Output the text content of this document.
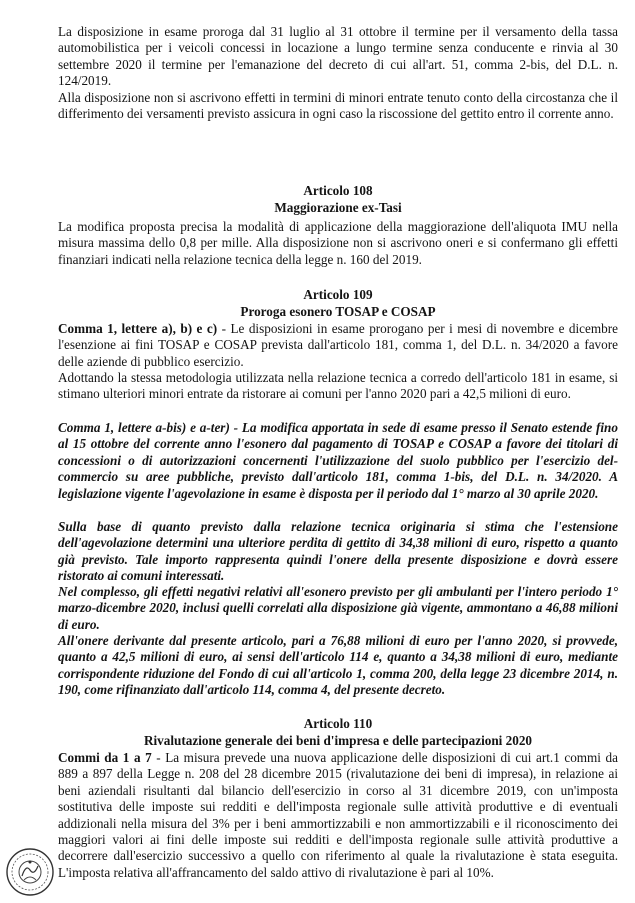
La disposizione in esame proroga dal 31 luglio al 31 ottobre il termine per il versamento della tassa automobilistica per i veicoli concessi in locazione a lungo termine senza conducente e rinvia al 30 settembre 2020 il termine per l'emanazione del decreto di cui all'art. 51, comma 2-bis, del D.L. n. 124/2019.

Alla disposizione non si ascrivono effetti in termini di minori entrate tenuto conto della circostanza che il differimento dei versamenti previsto assicura in ogni caso la riscossione del gettito entro il corrente anno.

Articolo 108

Maggiorazione ex-Tasi

La modifica proposta precisa la modalità di applicazione della maggiorazione dell'aliquota IMU nella misura massima dello 0,8 per mille. Alla disposizione non si ascrivono oneri e si confermano gli effetti finanziari indicati nella relazione tecnica della legge n. 160 del 2019.

Articolo 109

Proroga esonero TOSAP e COSAP

Comma 1, lettere a), b) e c) - Le disposizioni in esame prorogano per i mesi di novembre e dicembre l'esenzione ai fini TOSAP e COSAP prevista dall'articolo 181, comma 1, del D.L. n. 34/2020 a favore delle aziende di pubblico esercizio.

Adottando la stessa metodologia utilizzata nella relazione tecnica a corredo dell'articolo 181 in esame, si stimano ulteriori minori entrate da ristorare ai comuni per l'anno 2020 pari a 42,5 milioni di euro.

Comma 1, lettere a-bis) e a-ter) - La modifica apportata in sede di esame presso il Senato estende fino al 15 ottobre del corrente anno l'esonero dal pagamento di TOSAP e COSAP a favore dei titolari di concessioni o di autorizzazioni concernenti l'utilizzazione del suolo pubblico per l'esercizio del-commercio su aree pubbliche, previsto dall'articolo 181, comma 1-bis, del D.L. n. 34/2020. A legislazione vigente l'agevolazione in esame è disposta per il periodo dal 1° marzo al 30 aprile 2020.

Sulla base di quanto previsto dalla relazione tecnica originaria si stima che l'estensione dell'agevolazione determini una ulteriore perdita di gettito di 34,38 milioni di euro, rispetto a quanto già previsto. Tale importo rappresenta quindi l'onere della presente disposizione e dovrà essere ristorato ai comuni interessati.

Nel complesso, gli effetti negativi relativi all'esonero previsto per gli ambulanti per l'intero periodo 1° marzo-dicembre 2020, inclusi quelli correlati alla disposizione già vigente, ammontano a 46,88 milioni di euro.

All'onere derivante dal presente articolo, pari a 76,88 milioni di euro per l'anno 2020, si provvede, quanto a 42,5 milioni di euro, ai sensi dell'articolo 114 e, quanto a 34,38 milioni di euro, mediante corrispondente riduzione del Fondo di cui all'articolo 1, comma 200, della legge 23 dicembre 2014, n. 190, come rifinanziato dall'articolo 114, comma 4, del presente decreto.

Articolo 110

Rivalutazione generale dei beni d'impresa e delle partecipazioni 2020

Commi da 1 a 7 - La misura prevede una nuova applicazione delle disposizioni di cui art.1 commi da 889 a 897 della Legge n. 208 del 28 dicembre 2015 (rivalutazione dei beni di impresa), in relazione ai beni aziendali risultanti dal bilancio dell'esercizio in corso al 31 dicembre 2019, con un'imposta sostitutiva delle imposte sui redditi e dell'imposta regionale sulle attività produttive e di eventuali addizionali nella misura del 3% per i beni ammortizzabili e non ammortizzabili e il riconoscimento dei maggiori valori ai fini delle imposte sui redditi e dell'imposta regionale sulle attività produttive a decorrere dall'esercizio successivo a quello con riferimento al quale la rivalutazione è stata eseguita. L'imposta relativa all'affrancamento del saldo attivo di rivalutazione è pari al 10%.
